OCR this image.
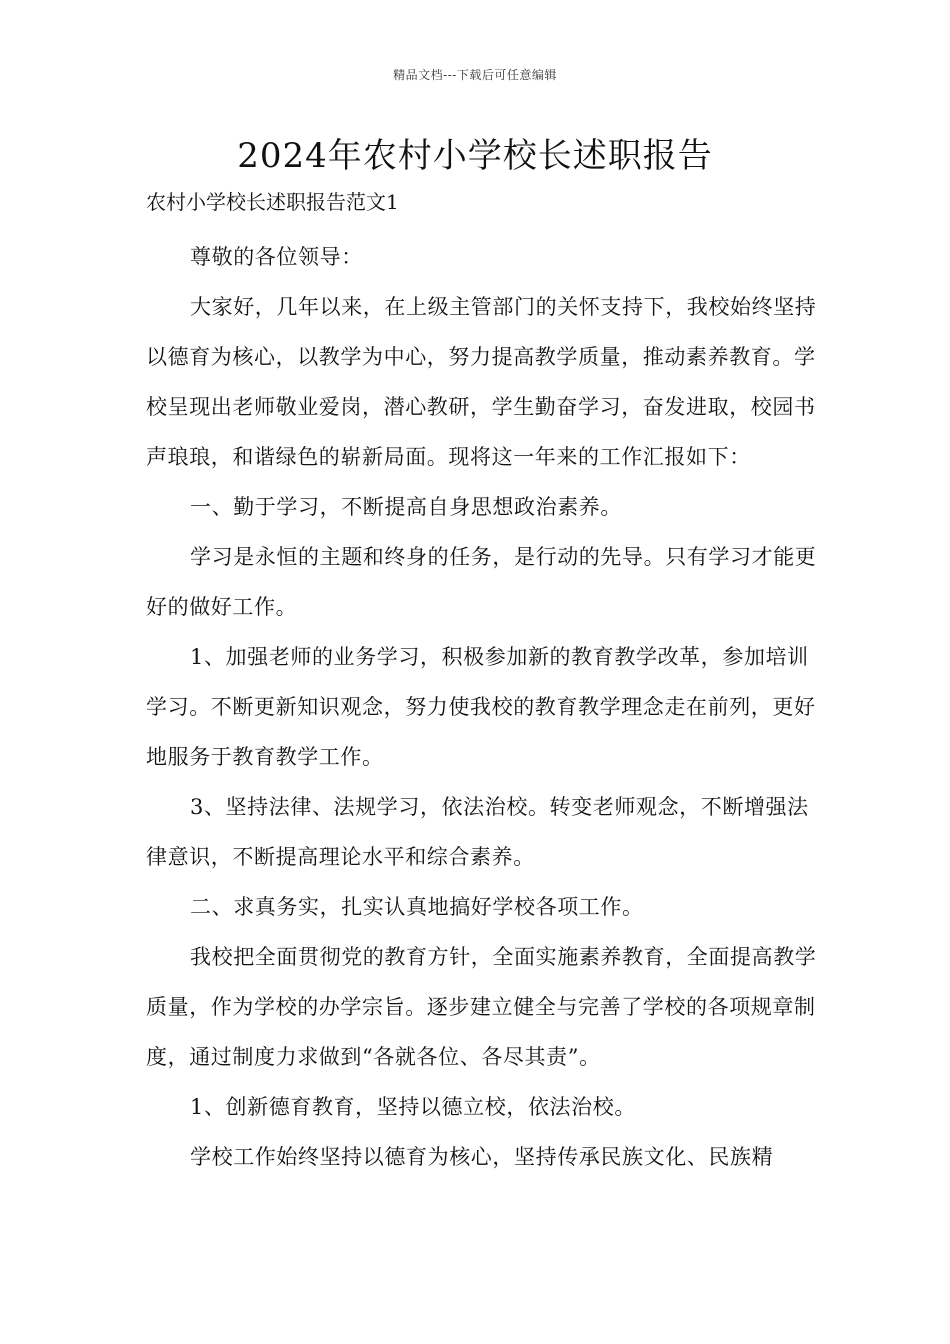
精品文档---下载后可任意编辑
2024年农村小学校长述职报告
农村小学校长述职报告范文1

尊敬的各位领导：

大家好，几年以来，在上级主管部门的关怀支持下，我校始终坚持以德育为核心，以教学为中心，努力提高教学质量，推动素养教育。学校呈现出老师敬业爱岗，潜心教研，学生勤奋学习，奋发进取，校园书声琅琅，和谐绿色的崭新局面。现将这一年来的工作汇报如下：

一、勤于学习，不断提高自身思想政治素养。

学习是永恒的主题和终身的任务，是行动的先导。只有学习才能更好的做好工作。

1、加强老师的业务学习，积极参加新的教育教学改革，参加培训学习。不断更新知识观念，努力使我校的教育教学理念走在前列，更好地服务于教育教学工作。

3、坚持法律、法规学习，依法治校。转变老师观念，不断增强法律意识，不断提高理论水平和综合素养。

二、求真务实，扎实认真地搞好学校各项工作。

我校把全面贯彻党的教育方针，全面实施素养教育，全面提高教学质量，作为学校的办学宗旨。逐步建立健全与完善了学校的各项规章制度，通过制度力求做到“各就各位、各尽其责”。

1、创新德育教育，坚持以德立校，依法治校。

学校工作始终坚持以德育为核心，坚持传承民族文化、民族精
